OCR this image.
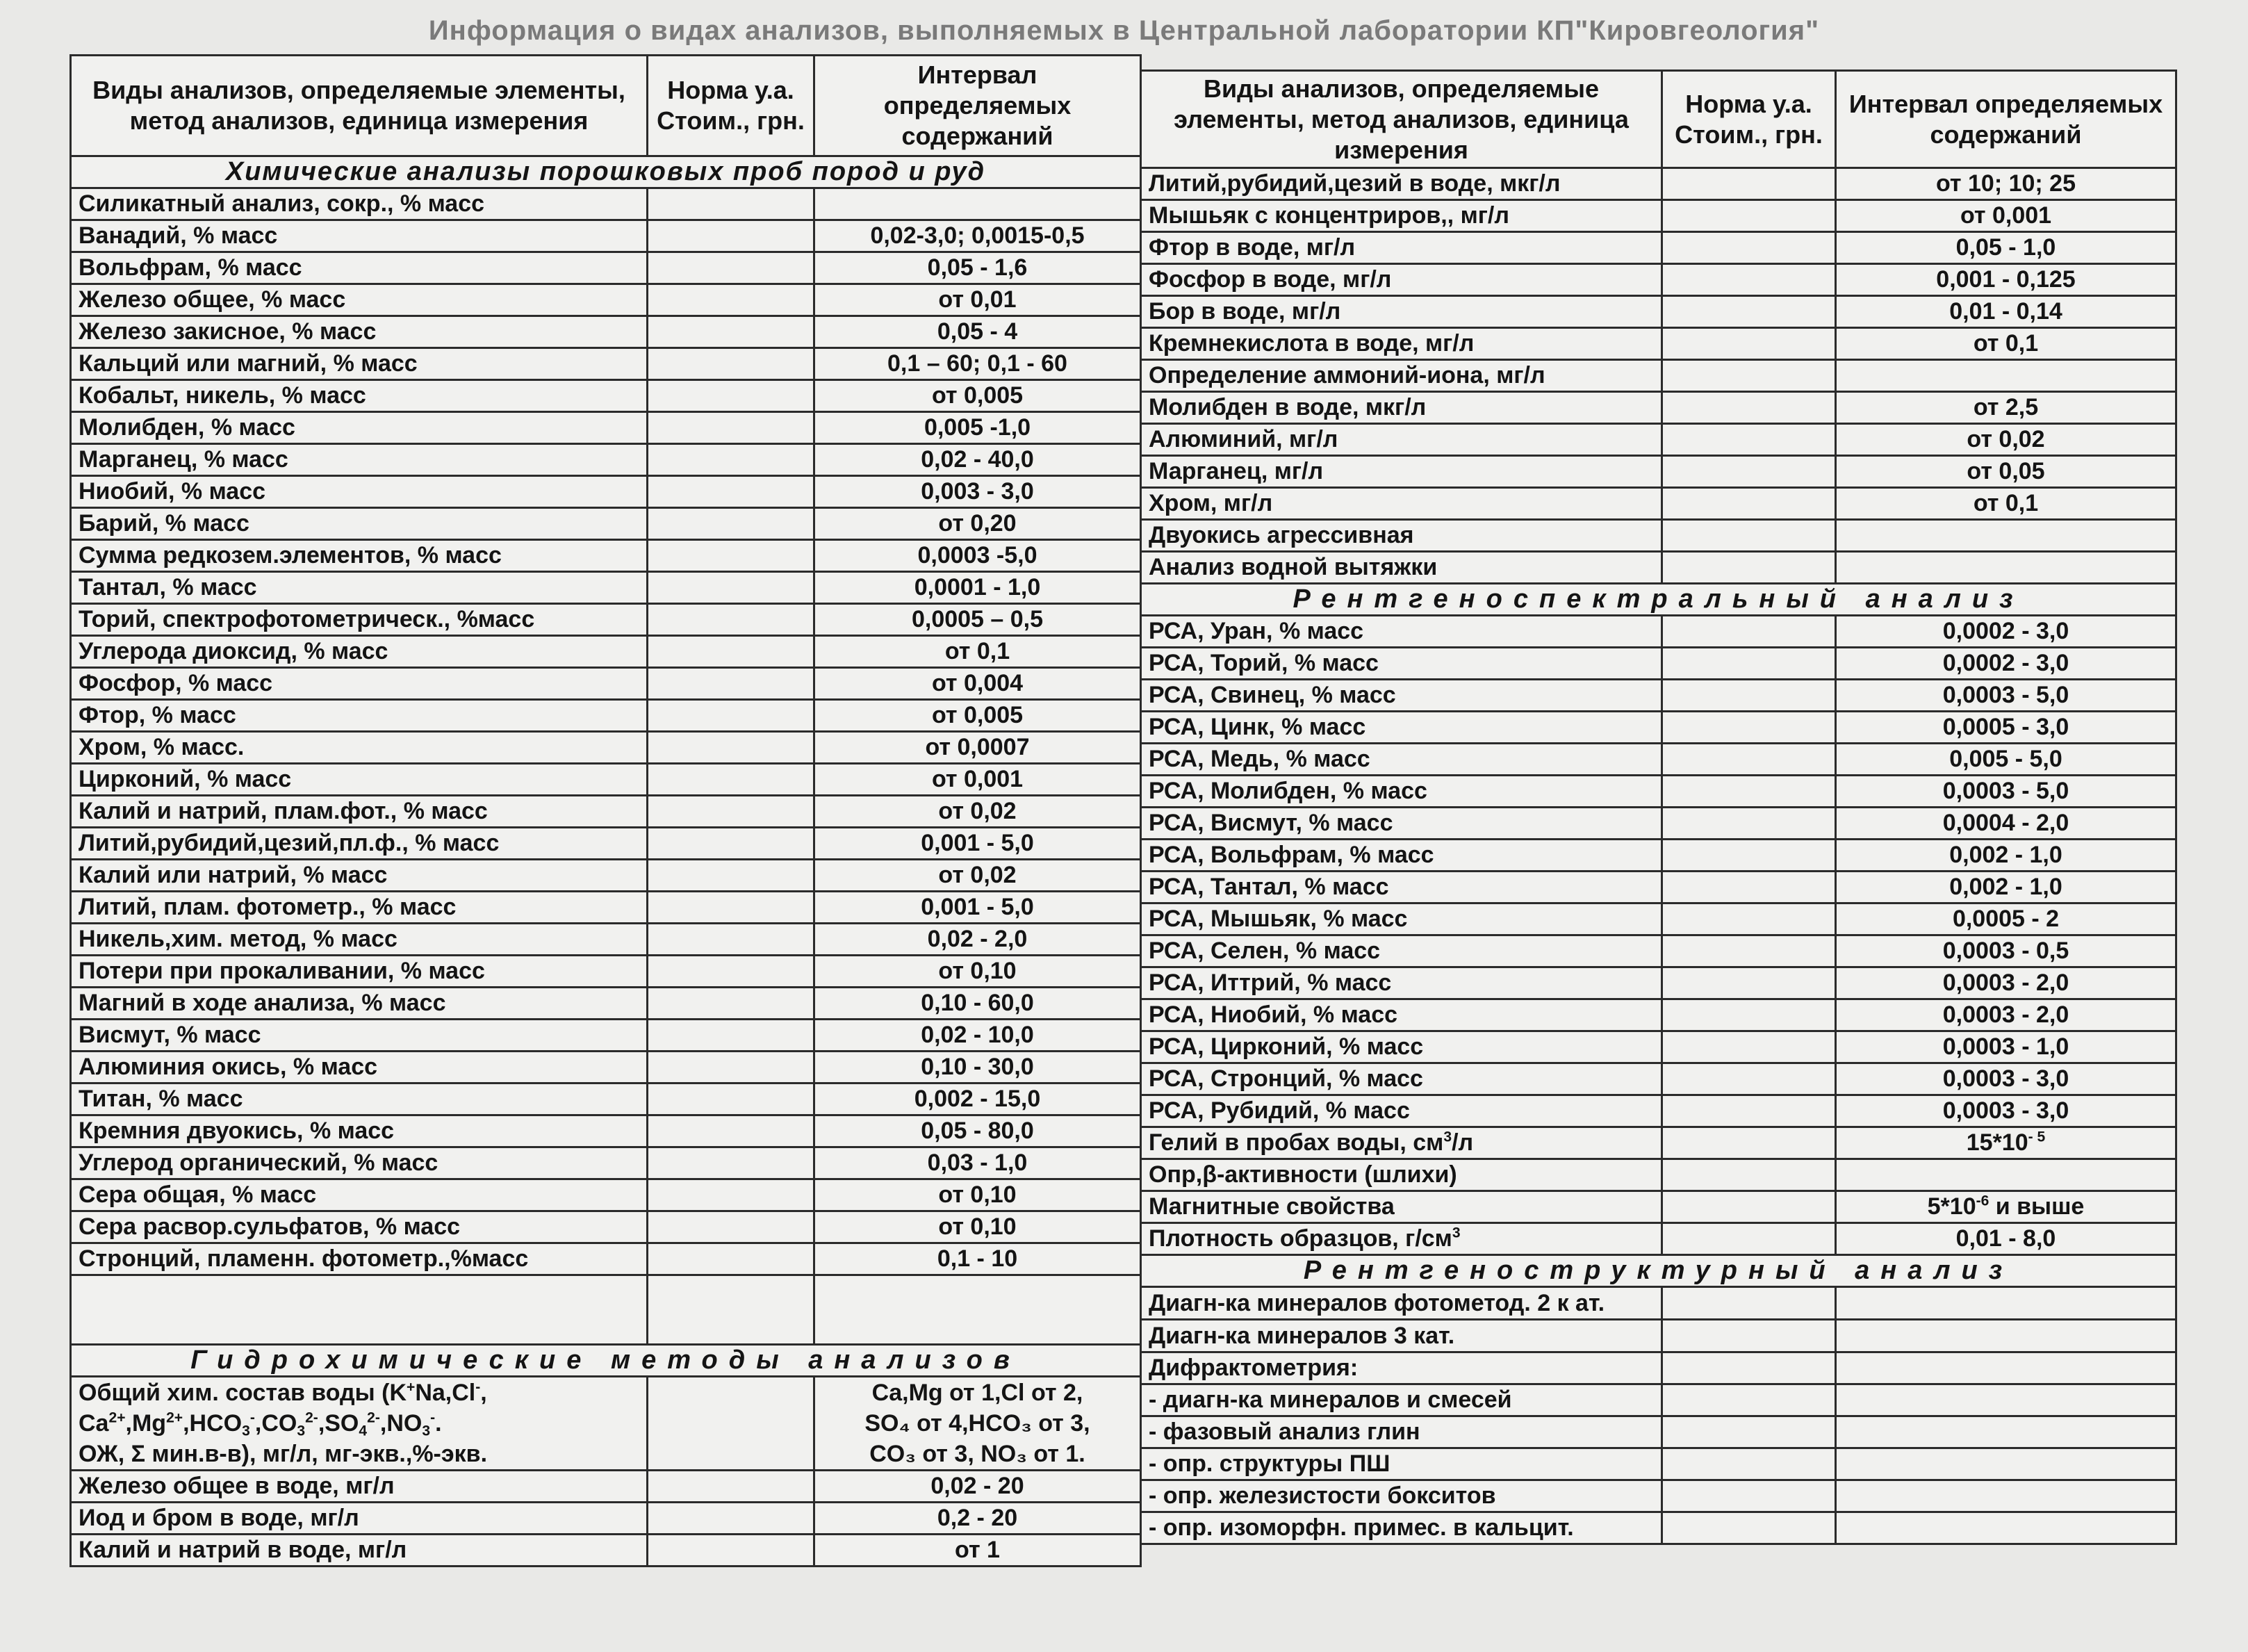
Информация о видах анализов, выполняемых в Центральной лаборатории КП"Кировгеология"
Виды анализов, определяемые элементы, метод анализов, единица измерения	Норма у.а. Стоим., грн.	Интервал определяемых содержаний
Химические анализы порошковых проб пород и руд		
Силикатный анализ, сокр., % масс		
Ванадий, % масс		0,02-3,0; 0,0015-0,5
Вольфрам, % масс		0,05 - 1,6
Железо общее, % масс		от 0,01
Железо закисное, % масс		0,05 - 4
Кальций или магний, % масс		0,1 – 60; 0,1 - 60
Кобальт, никель, % масс		от 0,005
Молибден, % масс		0,005 -1,0
Марганец, % масс		0,02 - 40,0
Ниобий, % масс		0,003 - 3,0
Барий, % масс		от 0,20
Сумма редкозем.элементов, % масс		0,0003 -5,0
Тантал, % масс		0,0001 - 1,0
Торий, спектрофотометрическ., %масс		0,0005 – 0,5
Углерода диоксид, % масс		от 0,1
Фосфор, % масс		от 0,004
Фтор, % масс		от 0,005
Хром, % масс.		от 0,0007
Цирконий, % масс		от 0,001
Калий и натрий, плам.фот., % масс		от 0,02
Литий,рубидий,цезий,пл.ф., % масс		0,001 - 5,0
Калий или натрий, % масс		от 0,02
Литий, плам. фотометр., % масс		0,001 - 5,0
Никель,хим. метод, % масс		0,02 - 2,0
Потери при прокаливании, % масс		от 0,10
Магний в ходе анализа, % масс		0,10 - 60,0
Висмут, % масс		0,02 - 10,0
Алюминия окись, % масс		0,10 - 30,0
Титан, % масс		0,002 - 15,0
Кремния двуокись, % масс		0,05 - 80,0
Углерод органический, % масс		0,03 - 1,0
Сера общая, % масс		от 0,10
Сера расвор.сульфатов, % масс		от 0,10
Стронций, пламенн. фотометр.,%масс		0,1 - 10

Гидрохимические методы анализов		
Общий хим. состав воды (K+Na,Cl-,
$Ca^{2+},Mg^{2+},HCO_3^-,CO_3^{2-},SO_4^{2-},NO_3^-$.
ОЖ, Σ мин.в-в), мг/л, мг-экв.,%-экв.		Ca,Mg от 1,Cl от 2,
SO₄ от 4,HCO₃ от 3,
CO₃ от 3, NO₃ от 1.
Железо общее в воде, мг/л		0,02 - 20
Иод и бром в воде, мг/л		0,2 - 20
Калий и натрий в воде, мг/л		от 1
Виды анализов, определяемые элементы, метод анализов, единица измерения	Норма у.а. Стоим., грн.	Интервал определяемых содержаний
Литий,рубидий,цезий в воде, мкг/л		от 10; 10; 25
Мышьяк с концентриров,, мг/л		от 0,001
Фтор в воде, мг/л		0,05 - 1,0
Фосфор в воде, мг/л		0,001 - 0,125
Бор в воде, мг/л		0,01 - 0,14
Кремнекислота в воде, мг/л		от 0,1
Определение аммоний-иона, мг/л		
Молибден в воде, мкг/л		от 2,5
Алюминий, мг/л		от 0,02
Марганец, мг/л		от 0,05
Хром, мг/л		от 0,1
Двуокись агрессивная		
Анализ водной вытяжки		
Рентгеноспектральный анализ		
РСА, Уран, % масс		0,0002 - 3,0
РСА, Торий, % масс		0,0002 - 3,0
РСА, Свинец, % масс		0,0003 - 5,0
РСА, Цинк, % масс		0,0005 - 3,0
РСА, Медь, % масс		0,005 - 5,0
РСА, Молибден, % масс		0,0003 - 5,0
РСА, Висмут, % масс		0,0004 - 2,0
РСА, Вольфрам, % масс		0,002 - 1,0
РСА, Тантал, % масс		0,002 - 1,0
РСА, Мышьяк, % масс		0,0005 - 2
РСА, Селен, % масс		0,0003 - 0,5
РСА, Иттрий, % масс		0,0003 - 2,0
РСА, Ниобий, % масс		0,0003 - 2,0
РСА, Цирконий, % масс		0,0003 - 1,0
РСА, Стронций, % масс		0,0003 - 3,0
РСА, Рубидий, % масс		0,0003 - 3,0
Гелий в пробах воды, $см^3/л$		$15*10^{- 5}$
Опр,β-активности (шлихи)		
Магнитные свойства		$5*10^{-6}$ и выше
Плотность образцов, $г/см^3$		0,01 - 8,0
Рентгеноструктурный анализ		
Диагн-ка минералов фотометод. 2 к ат.		
Диагн-ка минералов 3 кат.		
Дифрактометрия:		
- диагн-ка минералов и смесей		
- фазовый анализ глин		
- опр. структуры ПШ		
- опр. железистости бокситов		
- опр. изоморфн. примес. в кальцит.		
